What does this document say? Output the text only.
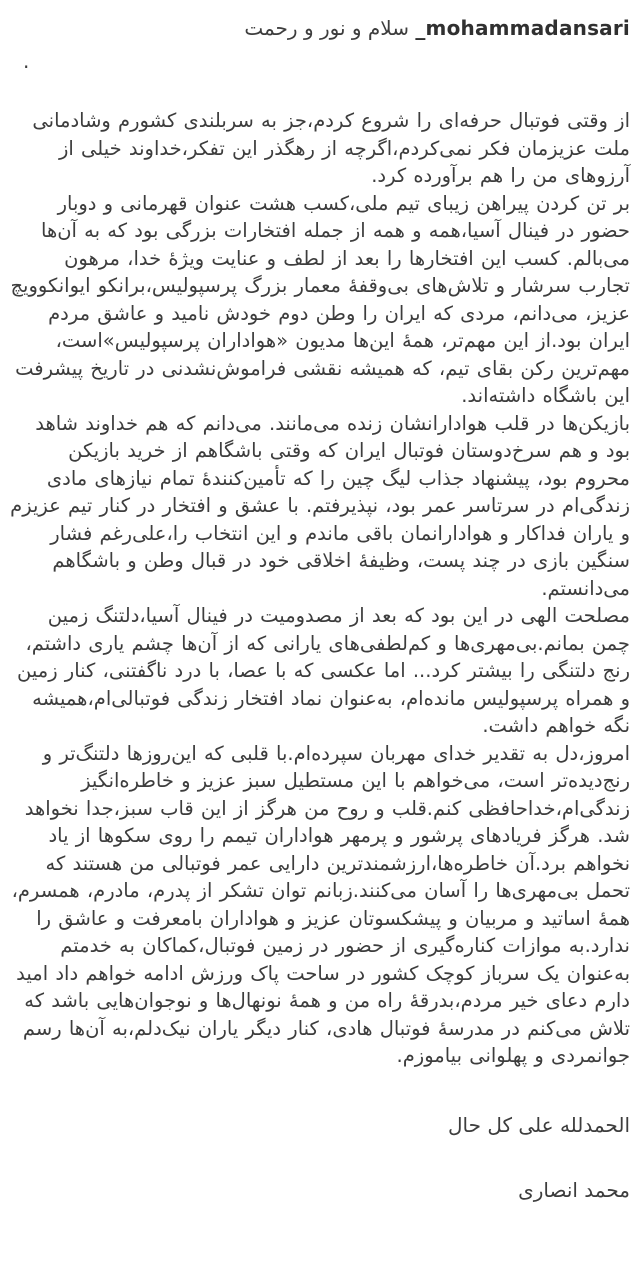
mohammadansari_ سلام و نور و رحمت
.

از وقتی فوتبال حرفه‌ای را شروع کردم،جز به سربلندی کشورم وشادمانی ملت عزیزمان فکر نمی‌کردم،اگرچه از رهگذر این تفکر،خداوند خیلی از آرزوهای من را هم برآورده کرد.

بر تن کردن پیراهن زیبای تیم ملی،کسب هشت عنوان قهرمانی و دوبار حضور در فینال آسیا،همه و همه از جمله افتخارات بزرگی بود که به آن‌ها می‌بالم. کسب این افتخارها را بعد از لطف و عنایت ویژهٔ خدا، مرهون تجارب سرشار و تلاش‌های بی‌وقفهٔ معمار بزرگ پرسپولیس،برانکو ایوانکوویچ عزیز، می‌دانم، مردی که ایران را وطن دوم خودش نامید و عاشق مردم ایران بود.از این مهم‌تر، همهٔ این‌ها مدیون «هواداران پرسپولیس»است، مهم‌ترین رکن بقای تیم، که همیشه نقشی فراموش‌نشدنی در تاریخ پیشرفت این باشگاه داشته‌اند.

بازیکن‌ها در قلب هوادارانشان زنده می‌مانند. می‌دانم که هم خداوند شاهد بود و هم سرخ‌دوستان فوتبال ایران که وقتی باشگاهم از خرید بازیکن محروم بود، پیشنهاد جذاب لیگ چین را که تأمین‌کنندهٔ تمام نیازهای مادی زندگی‌ام در سرتاسر عمر بود، نپذیرفتم. با عشق و افتخار در کنار تیم عزیزم و یاران فداکار و هوادارانمان باقی ماندم و این انتخاب را،علی‌رغم فشار سنگین بازی در چند پست، وظیفهٔ اخلاقی خود در قبال وطن و باشگاهم می‌دانستم.

مصلحت الهی در این بود که بعد از مصدومیت در فینال آسیا،دلتنگ زمین چمن بمانم.بی‌مهری‌ها و کم‌لطفی‌های یارانی که از آن‌ها چشم یاری داشتم، رنج دلتنگی را بیشتر کرد... اما عکسی که با عصا، با درد ناگفتنی، کنار زمین و همراه پرسپولیس مانده‌ام، به‌عنوان نماد افتخار زندگی فوتبالی‌ام،همیشه نگه خواهم داشت.

امروز،دل به تقدیر خدای مهربان سپرده‌ام.با قلبی که این‌روزها دلتنگ‌تر و رنج‌دیده‌تر است، می‌خواهم با این مستطیل سبز عزیز و خاطره‌انگیز زندگی‌ام،خداحافظی کنم.قلب و روح من هرگز از این قاب سبز،جدا نخواهد شد. هرگز فریادهای پرشور و پرمهر هواداران تیمم را روی سکوها از یاد نخواهم برد.آن خاطره‌ها،ارزشمندترین دارایی عمر فوتبالی من هستند که تحمل بی‌مهری‌ها را آسان می‌کنند.زبانم توان تشکر از پدرم، مادرم، همسرم، همهٔ اساتید و مربیان و پیشکسوتان عزیز و هواداران بامعرفت و عاشق را ندارد.به موازات کناره‌گیری از حضور در زمین فوتبال،کماکان به خدمتم به‌عنوان یک سرباز کوچک کشور در ساحت پاک ورزش ادامه خواهم داد امید دارم دعای خیر مردم،بدرقهٔ راه من و همهٔ نونهال‌ها و نوجوان‌هایی باشد که تلاش می‌کنم در مدرسهٔ فوتبال هادی، کنار دیگر یاران نیک‌دلم،به آن‌ها رسم جوانمردی و پهلوانی بیاموزم.

الحمدلله علی کل حال
محمد انصاری
